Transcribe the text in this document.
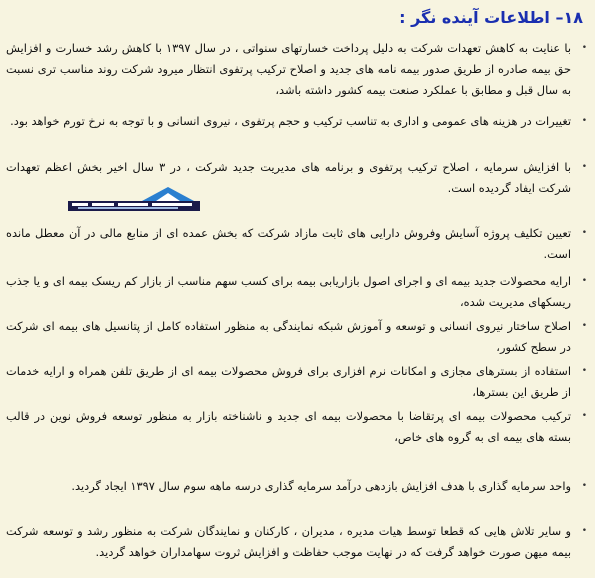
۱۸– اطلاعات آینده نگر :
•
با عنایت به کاهش تعهدات شرکت به دلیل پرداخت خسارتهای سنواتی ، در سال ۱۳۹۷ با کاهش رشد خسارت و افزایش حق بیمه صادره از طریق صدور بیمه نامه های جدید و اصلاح ترکیب پرتفوی انتظار میرود شرکت روند مناسب تری نسبت به سال قبل و مطابق با عملکرد صنعت بیمه کشور داشته باشد،
•
تغییرات در هزینه های عمومی و اداری به تناسب ترکیب و حجم پرتفوی ، نیروی انسانی و با توجه به نرخ تورم خواهد بود.
•
با افزایش سرمایه ، اصلاح ترکیب پرتفوی و برنامه های مدیریت جدید شرکت ، در ۳ سال اخیر بخش اعظم تعهدات شرکت ایفاد گردیده است.
•
تعیین تکلیف پروژه آسایش وفروش دارایی های ثابت مازاد شرکت که بخش عمده ای از منابع مالی در آن معطل مانده است.
•
ارایه محصولات جدید بیمه ای و اجرای اصول بازاریابی بیمه برای کسب سهم مناسب از بازار کم ریسک بیمه ای و یا جذب ریسکهای مدیریت شده،
•
اصلاح ساختار نیروی انسانی و توسعه و آموزش شبکه نمایندگی به منظور استفاده کامل از پتانسیل های بیمه ای شرکت در سطح کشور،
•
استفاده از بسترهای مجازی و امکانات نرم افزاری برای فروش محصولات بیمه ای از طریق تلفن همراه و ارایه خدمات از طریق این بسترها،
•
ترکیب محصولات بیمه ای پرتقاضا با محصولات بیمه ای جدید و ناشناخته بازار به منظور توسعه فروش نوین در قالب بسته های بیمه ای به گروه های خاص،
•
واحد سرمایه گذاری با هدف افزایش بازدهی درآمد سرمایه گذاری درسه ماهه سوم سال ۱۳۹۷ ایجاد گردید.
•
و سایر تلاش هایی که قطعا توسط هیات مدیره ، مدیران ، کارکنان و نمایندگان شرکت به منظور رشد و توسعه شرکت بیمه میهن صورت خواهد گرفت که در نهایت موجب حفاظت و افزایش ثروت سهامداران خواهد گردید.
